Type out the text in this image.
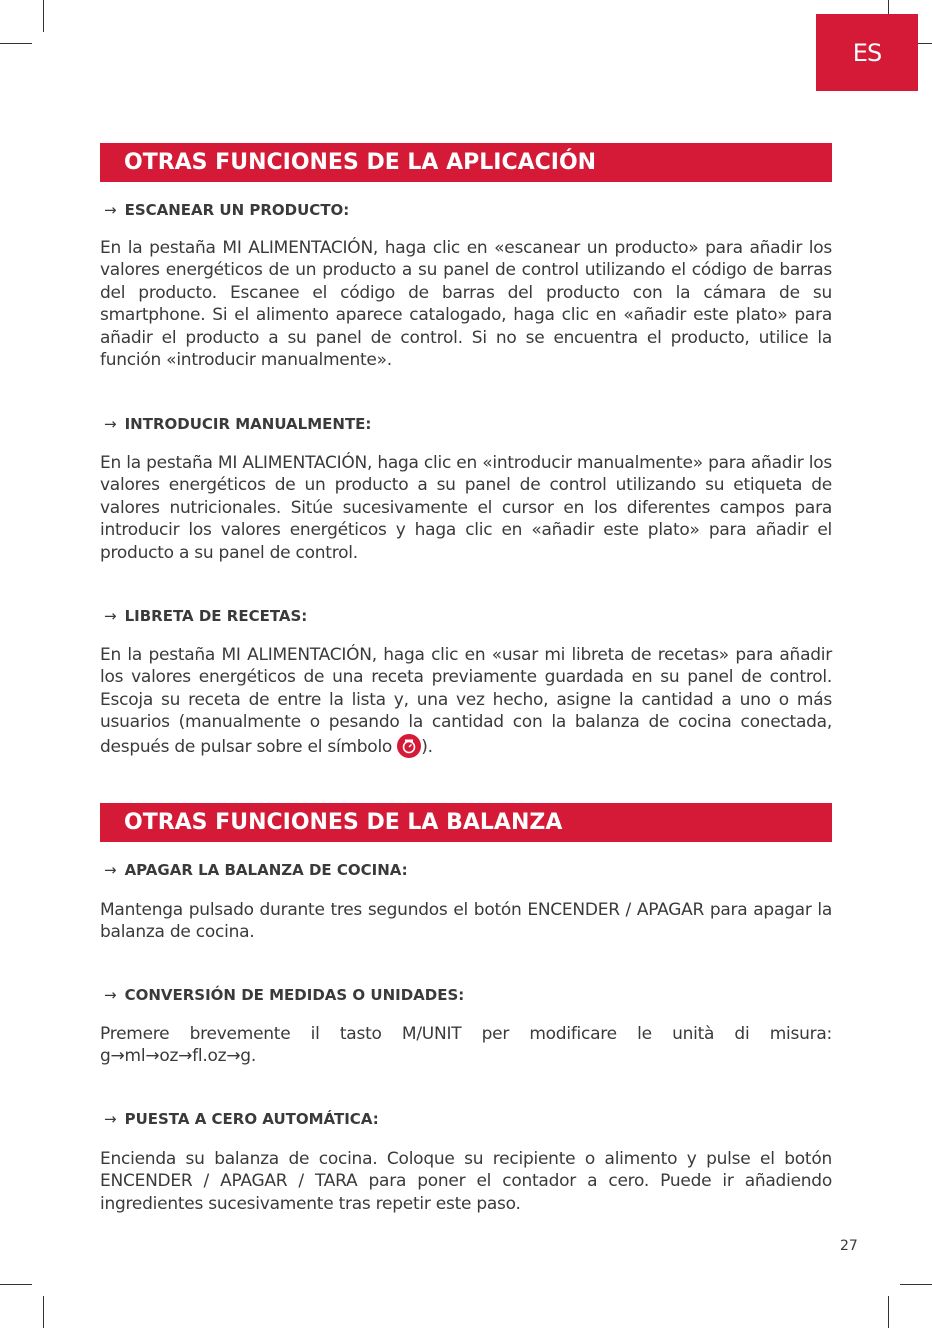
ES
OTRAS FUNCIONES DE LA APLICACIÓN
→ ESCANEAR UN PRODUCTO:
En la pestaña MI ALIMENTACIÓN, haga clic en «escanear un producto» para añadir los valores energéticos de un producto a su panel de control utilizando el código de barras del producto. Escanee el código de barras del producto con la cámara de su smartphone. Si el alimento aparece catalogado, haga clic en «añadir este plato» para añadir el producto a su panel de control. Si no se encuentra el producto, utilice la función «introducir manualmente».
→ INTRODUCIR MANUALMENTE:
En la pestaña MI ALIMENTACIÓN, haga clic en «introducir manualmente» para añadir los valores energéticos de un producto a su panel de control utilizando su etiqueta de valores nutricionales. Sitúe sucesivamente el cursor en los diferentes campos para introducir los valores energéticos y haga clic en «añadir este plato» para añadir el producto a su panel de control.
→ LIBRETA DE RECETAS:
En la pestaña MI ALIMENTACIÓN, haga clic en «usar mi libreta de recetas» para añadir los valores energéticos de una receta previamente guardada en su panel de control. Escoja su receta de entre la lista y, una vez hecho, asigne la cantidad a uno o más usuarios (manualmente o pesando la cantidad con la balanza de cocina conectada, después de pulsar sobre el símbolo ).
OTRAS FUNCIONES DE LA BALANZA
→ APAGAR LA BALANZA DE COCINA:
Mantenga pulsado durante tres segundos el botón ENCENDER / APAGAR para apagar la balanza de cocina.
→ CONVERSIÓN DE MEDIDAS O UNIDADES:
Premere brevemente il tasto M/UNIT per modificare le unità di misura: g→ml→oz→fl.oz→g.
→ PUESTA A CERO AUTOMÁTICA:
Encienda su balanza de cocina. Coloque su recipiente o alimento y pulse el botón ENCENDER / APAGAR / TARA para poner el contador a cero. Puede ir añadiendo ingredientes sucesivamente tras repetir este paso.
27
